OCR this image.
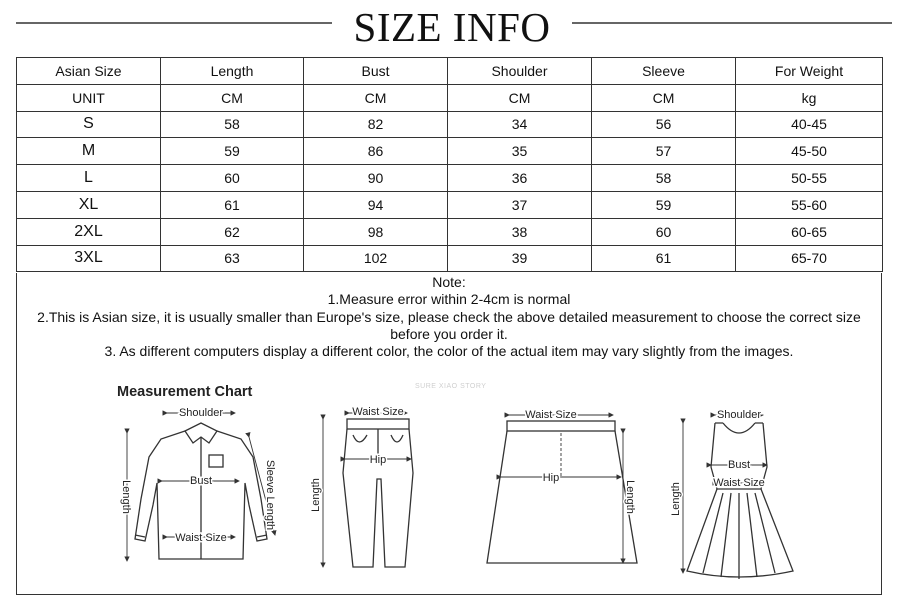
SIZE INFO
Asian Size	Length	Bust	Shoulder	Sleeve	For Weight
UNIT	CM	CM	CM	CM	kg
S	58	82	34	56	40-45
M	59	86	35	57	45-50
L	60	90	36	58	50-55
XL	61	94	37	59	55-60
2XL	62	98	38	60	60-65
3XL	63	102	39	61	65-70
Note:
1.Measure error within 2-4cm is normal
2.This is Asian size, it is usually smaller than Europe's size, please check the above detailed measurement to choose the correct size before you order it.
3. As different computers display a different color, the color of the actual item may vary slightly from the images.
Measurement Chart	SURE XIAO STORY
Shoulder
Bust
Waist Size
Length	Sleeve Length
Waist Size
Hip
Length
Waist Size
Hip
Length
Shoulder
Bust
Waist Size
Length
